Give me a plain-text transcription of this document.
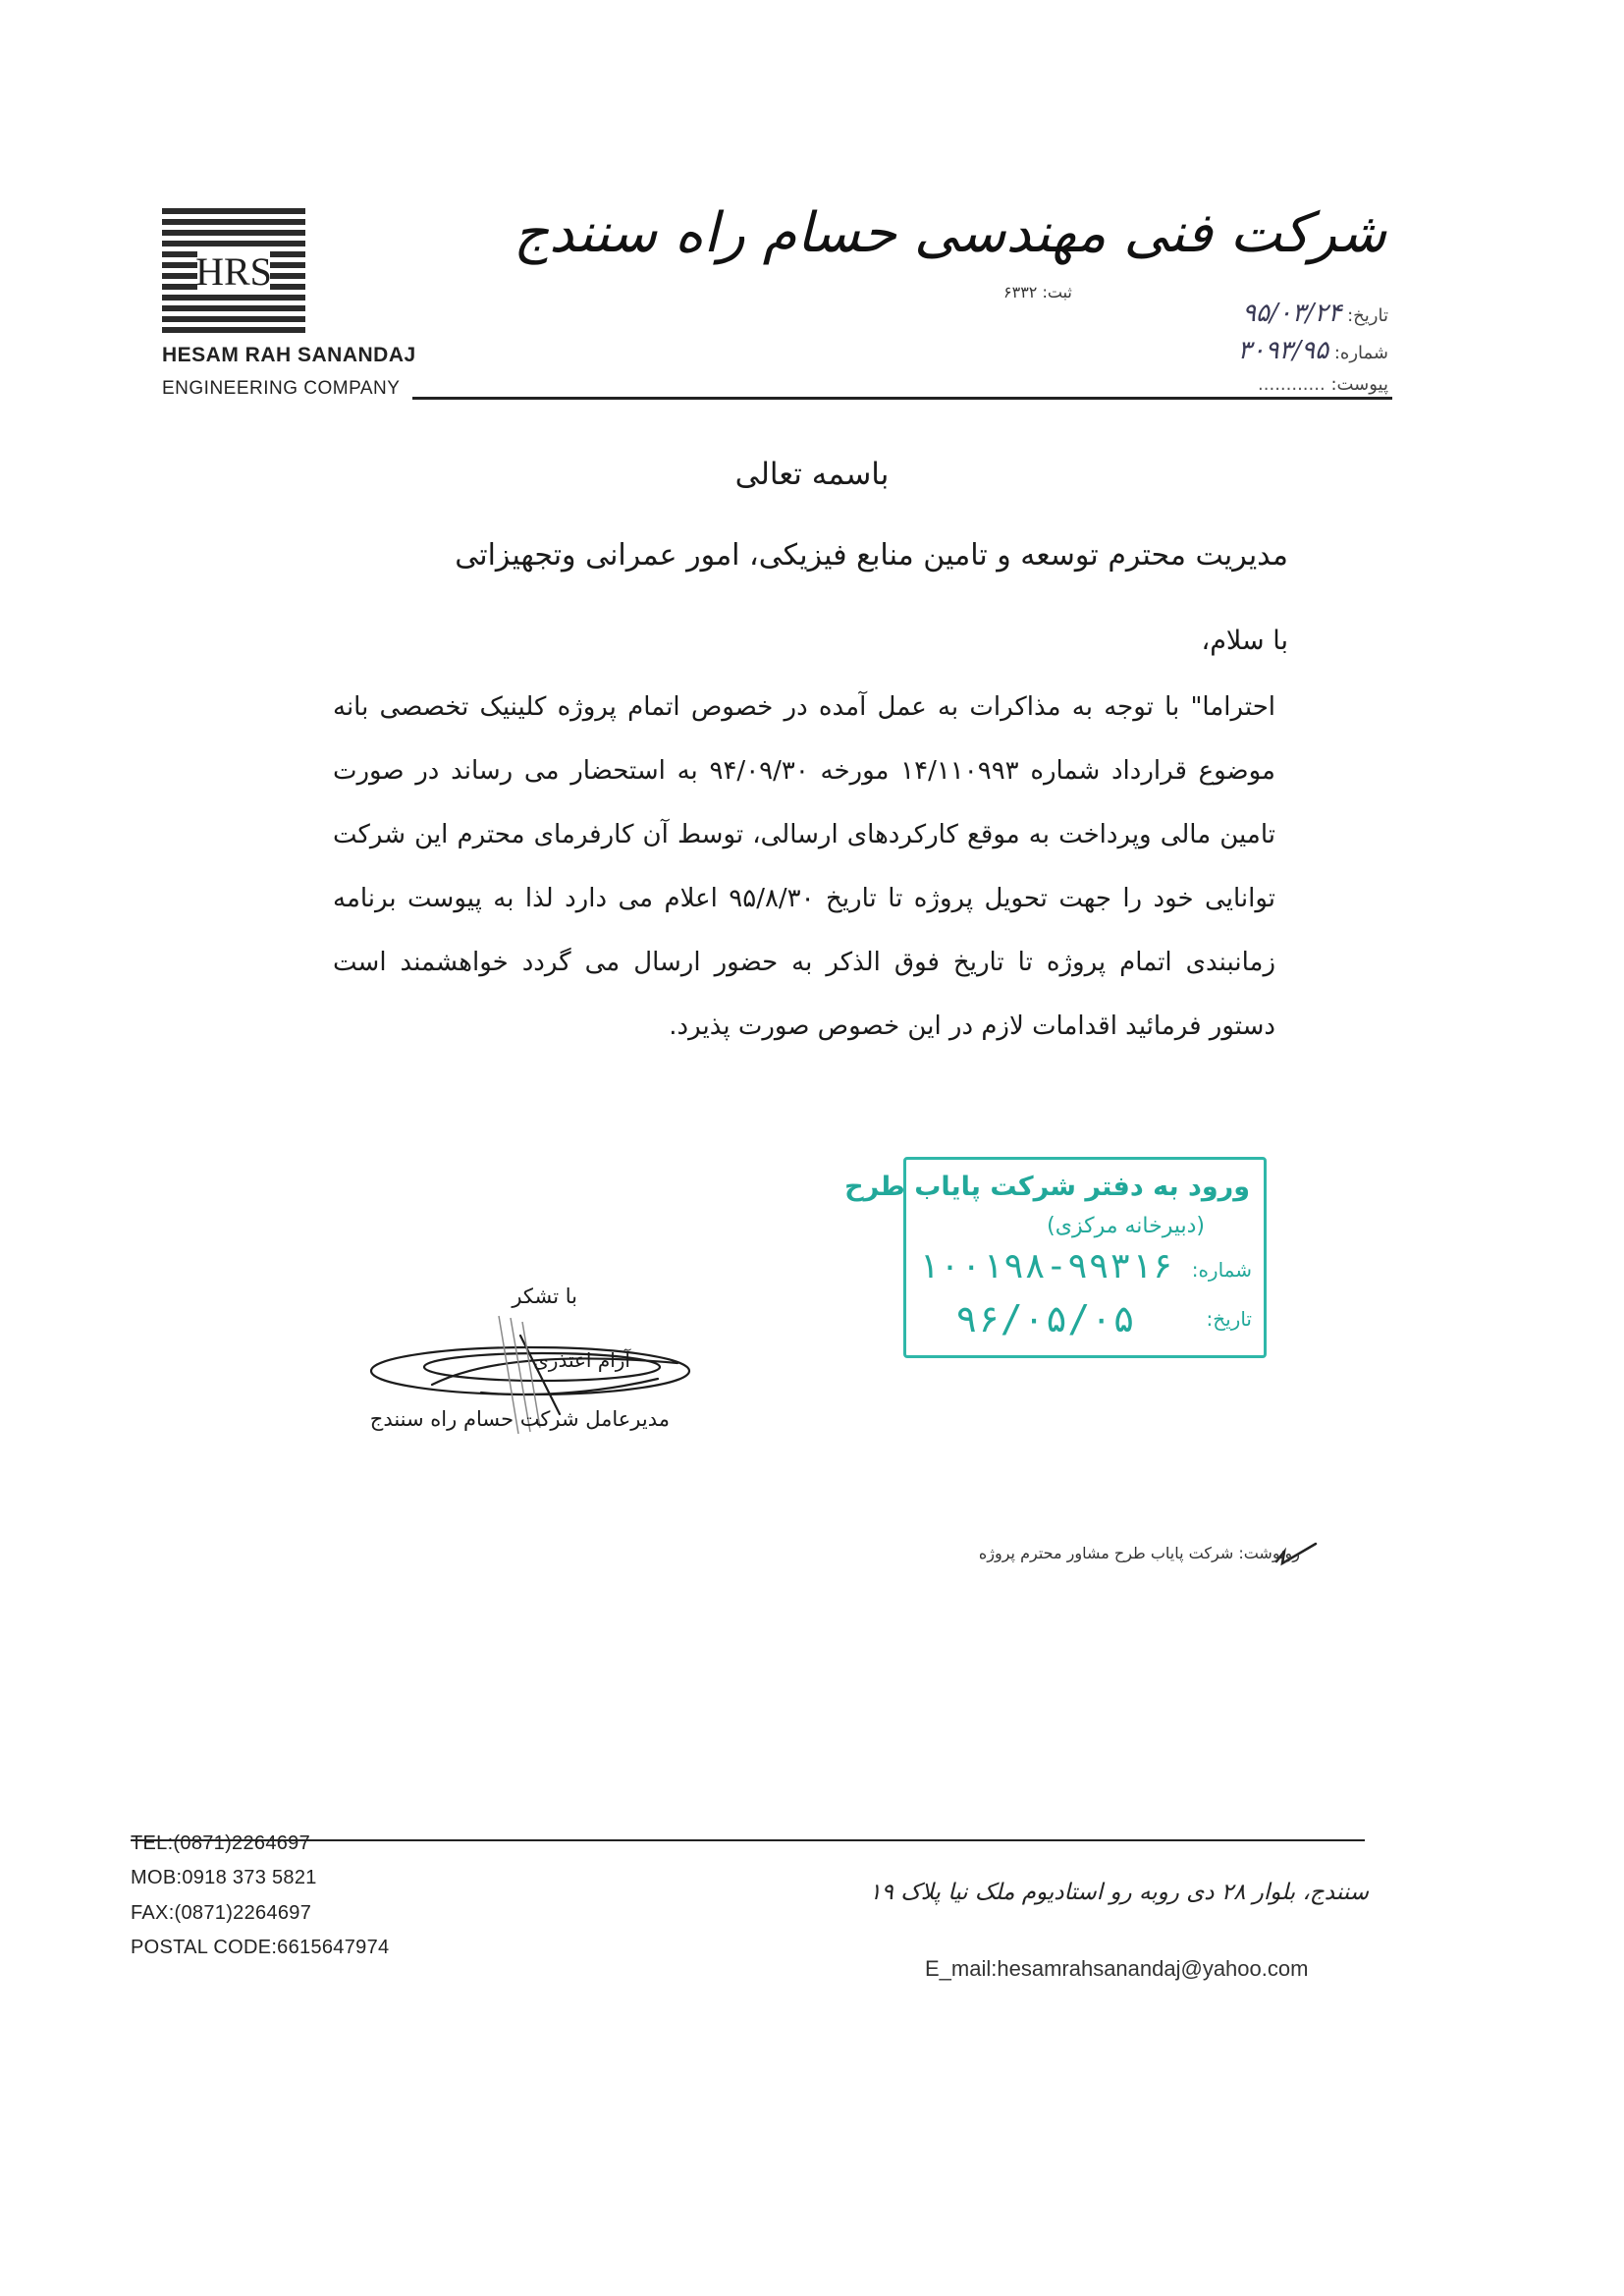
HRS
HESAM RAH SANANDAJ
ENGINEERING COMPANY
شرکت فنی مهندسی حسام راه سنندج
ثبت: ۶۳۳۲
تاریخ: ۹۵/۰۳/۲۴
شماره: ۳۰۹۳/۹۵
پیوست: ............
باسمه تعالی
مدیریت محترم توسعه و تامین منابع فیزیکی، امور عمرانی وتجهیزاتی
با سلام،
احتراما" با توجه به مذاکرات به عمل آمده در خصوص اتمام پروژه کلینیک تخصصی بانه موضوع قرارداد شماره ۱۴/۱۱۰۹۹۳ مورخه ۹۴/۰۹/۳۰ به استحضار می رساند در صورت تامین مالی وپرداخت به موقع کارکردهای ارسالی، توسط آن کارفرمای محترم این شرکت توانایی خود را جهت تحویل پروژه تا تاریخ ۹۵/۸/۳۰ اعلام می دارد لذا به پیوست برنامه زمانبندی اتمام پروژه تا تاریخ فوق الذکر به حضور ارسال می گردد خواهشمند است دستور فرمائید اقدامات لازم در این خصوص صورت پذیرد.
ورود به دفتر شرکت پایاب طرح
(دبیرخانه مرکزی)
شماره:
۱۰۰۱۹۸-۹۹۳۱۶
تاریخ:
۹۶/۰۵/۰۵
با تشکر
آرام اعتذری
مدیرعامل شرکت حسام راه سنندج
رونوشت: شرکت پایاب طرح مشاور محترم پروژه
TEL:(0871)2264697
MOB:0918 373 5821
FAX:(0871)2264697
POSTAL CODE:6615647974
سنندج، بلوار ۲۸ دی روبه رو استادیوم ملک نیا پلاک ۱۹
E_mail:hesamrahsanandaj@yahoo.com
